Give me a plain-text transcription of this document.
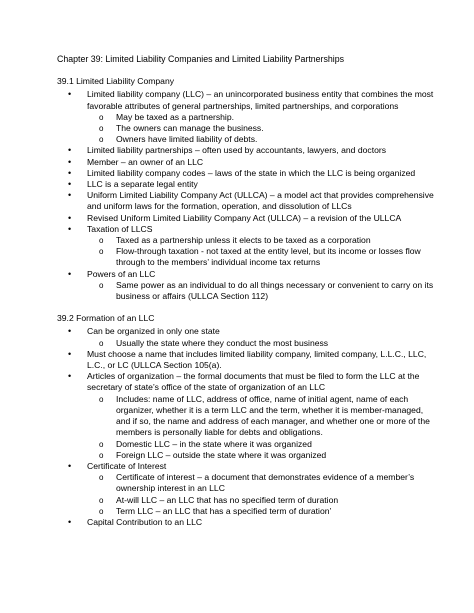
Chapter 39: Limited Liability Companies and Limited Liability Partnerships
39.1 Limited Liability Company
• Limited liability company (LLC) – an unincorporated business entity that combines the most favorable attributes of general partnerships, limited partnerships, and corporations
o May be taxed as a partnership.
o The owners can manage the business.
o Owners have limited liability of debts.
• Limited liability partnerships – often used by accountants, lawyers, and doctors
• Member – an owner of an LLC
• Limited liability company codes – laws of the state in which the LLC is being organized
• LLC is a separate legal entity
• Uniform Limited Liability Company Act (ULLCA) – a model act that provides comprehensive and uniform laws for the formation, operation, and dissolution of LLCs
• Revised Uniform Limited Liability Company Act (ULLCA) – a revision of the ULLCA
• Taxation of LLCS
o Taxed as a partnership unless it elects to be taxed as a corporation
o Flow-through taxation - not taxed at the entity level, but its income or losses flow through to the members’ individual income tax returns
• Powers of an LLC
o Same power as an individual to do all things necessary or convenient to carry on its business or affairs (ULLCA Section 112)
39.2 Formation of an LLC
• Can be organized in only one state
o Usually the state where they conduct the most business
• Must choose a name that includes limited liability company, limited company, L.L.C., LLC, L.C., or LC (ULLCA Section 105(a).
• Articles of organization – the formal documents that must be filed to form the LLC at the secretary of state’s office of the state of organization of an LLC
o Includes: name of LLC, address of office, name of initial agent, name of each organizer, whether it is a term LLC and the term, whether it is member-managed, and if so, the name and address of each manager, and whether one or more of the members is personally liable for debts and obligations.
o Domestic LLC – in the state where it was organized
o Foreign LLC – outside the state where it was organized
• Certificate of Interest
o Certificate of interest – a document that demonstrates evidence of a member’s ownership interest in an LLC
o At-will LLC – an LLC that has no specified term of duration
o Term LLC – an LLC that has a specified term of duration’
• Capital Contribution to an LLC
